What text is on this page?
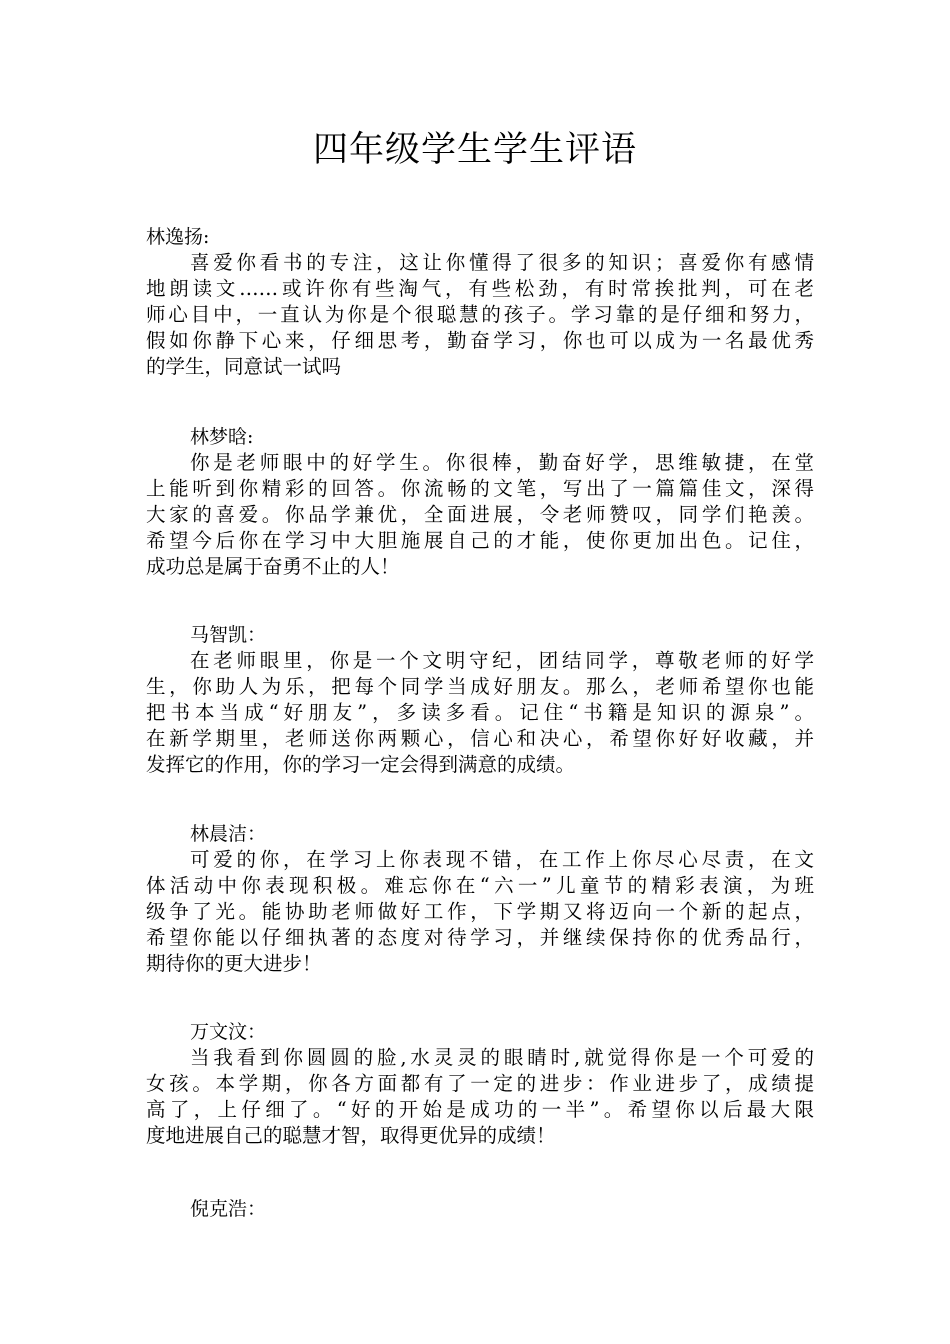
四年级学生学生评语

林逸扬:

喜爱你看书的专注，这让你懂得了很多的知识；喜爱你有感情

地朗读文……或许你有些淘气，有些松劲，有时常挨批判，可在老

师心目中，一直认为你是个很聪慧的孩子。学习靠的是仔细和努力，

假如你静下心来，仔细思考，勤奋学习，你也可以成为一名最优秀

的学生，同意试一试吗

林梦晗:

你是老师眼中的好学生。你很棒，勤奋好学，思维敏捷，在堂

上能听到你精彩的回答。你流畅的文笔，写出了一篇篇佳文，深得

大家的喜爱。你品学兼优，全面进展，令老师赞叹，同学们艳羡。

希望今后你在学习中大胆施展自己的才能，使你更加出色。记住，

成功总是属于奋勇不止的人！

马智凯：

在老师眼里，你是一个文明守纪，团结同学，尊敬老师的好学

生，你助人为乐，把每个同学当成好朋友。那么，老师希望你也能

把书本当成“好朋友”，多读多看。记住“书籍是知识的源泉”。

在新学期里，老师送你两颗心，信心和决心，希望你好好收藏，并

发挥它的作用，你的学习一定会得到满意的成绩。

林晨洁：

可爱的你，在学习上你表现不错，在工作上你尽心尽责，在文

体活动中你表现积极。难忘你在“六一”儿童节的精彩表演，为班

级争了光。能协助老师做好工作，下学期又将迈向一个新的起点，

希望你能以仔细执著的态度对待学习，并继续保持你的优秀品行，

期待你的更大进步！

万文汶：

当我看到你圆圆的脸,水灵灵的眼睛时,就觉得你是一个可爱的

女孩。本学期，你各方面都有了一定的进步：作业进步了，成绩提

高了，上仔细了。“好的开始是成功的一半”。希望你以后最大限

度地进展自己的聪慧才智，取得更优异的成绩！

倪克浩：
